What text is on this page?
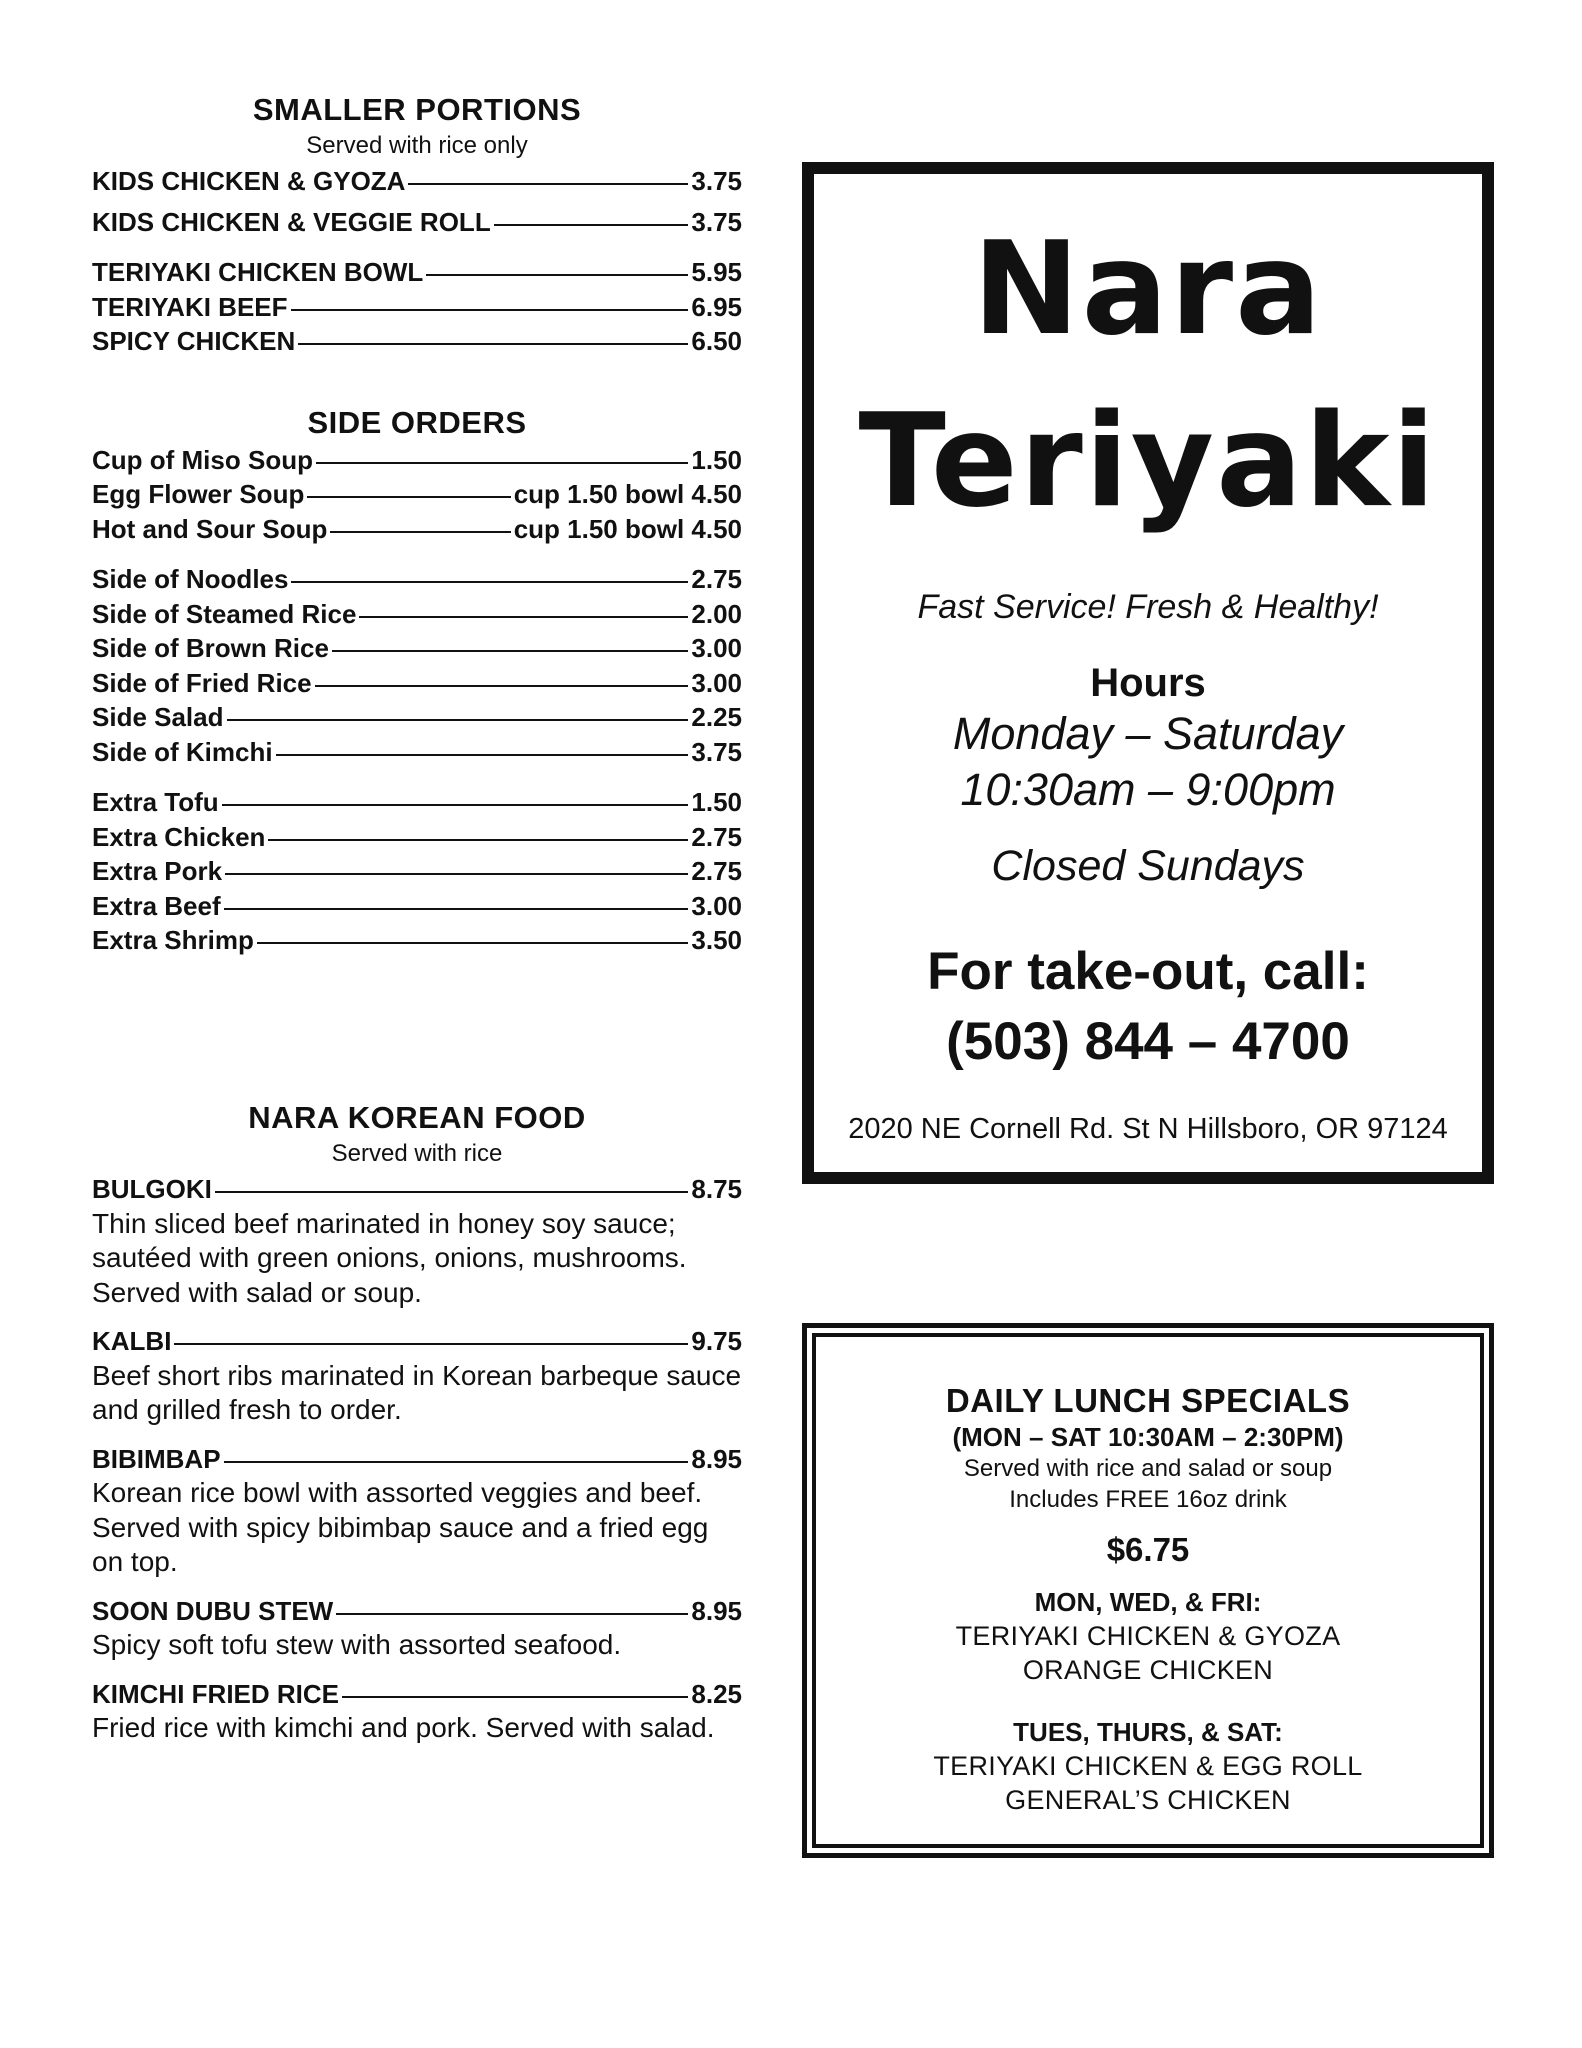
SMALLER PORTIONS
Served with rice only
KIDS CHICKEN & GYOZA	3.75
KIDS CHICKEN & VEGGIE ROLL	3.75
TERIYAKI CHICKEN BOWL	5.95
TERIYAKI BEEF	6.95
SPICY CHICKEN	6.50
SIDE ORDERS
Cup of Miso Soup	1.50
Egg Flower Soup	cup 1.50 bowl 4.50
Hot and Sour Soup	cup 1.50 bowl 4.50
Side of Noodles	2.75
Side of Steamed Rice	2.00
Side of Brown Rice	3.00
Side of Fried Rice	3.00
Side Salad	2.25
Side of Kimchi	3.75
Extra Tofu	1.50
Extra Chicken	2.75
Extra Pork	2.75
Extra Beef	3.00
Extra Shrimp	3.50
NARA KOREAN FOOD
Served with rice
BULGOKI	8.75
Thin sliced beef marinated in honey soy sauce; sautéed with green onions, onions, mushrooms. Served with salad or soup.
KALBI	9.75
Beef short ribs marinated in Korean barbeque sauce and grilled fresh to order.
BIBIMBAP	8.95
Korean rice bowl with assorted veggies and beef. Served with spicy bibimbap sauce and a fried egg on top.
SOON DUBU STEW	8.95
Spicy soft tofu stew with assorted seafood.
KIMCHI FRIED RICE	8.25
Fried rice with kimchi and pork. Served with salad.
Nara
Teriyaki
Fast Service! Fresh & Healthy!
Hours
Monday – Saturday
10:30am – 9:00pm
Closed Sundays
For take-out, call:
(503) 844 – 4700
2020 NE Cornell Rd. St N Hillsboro, OR 97124
DAILY LUNCH SPECIALS
(MON – SAT 10:30AM – 2:30PM)
Served with rice and salad or soup
Includes FREE 16oz drink
$6.75
MON, WED, & FRI:
TERIYAKI CHICKEN & GYOZA
ORANGE CHICKEN
TUES, THURS, & SAT:
TERIYAKI CHICKEN & EGG ROLL
GENERAL’S CHICKEN
